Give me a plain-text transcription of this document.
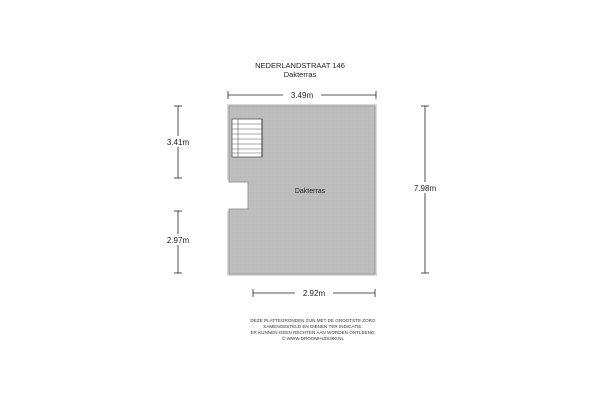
NEDERLANDSTRAAT 146
Dakterras
3.49m
3.41m
2.97m
7.98m
Dakterras
2.92m
DEZE PLATTEGRONDEN ZIJN MET DE GROOTSTE ZORG
SAMENGESTELD EN DIENEN TER INDICATIE.
ER KUNNEN GEEN RECHTEN AAN WORDEN ONTLEEND.
© WWW.DROOMHUIS360.NL
